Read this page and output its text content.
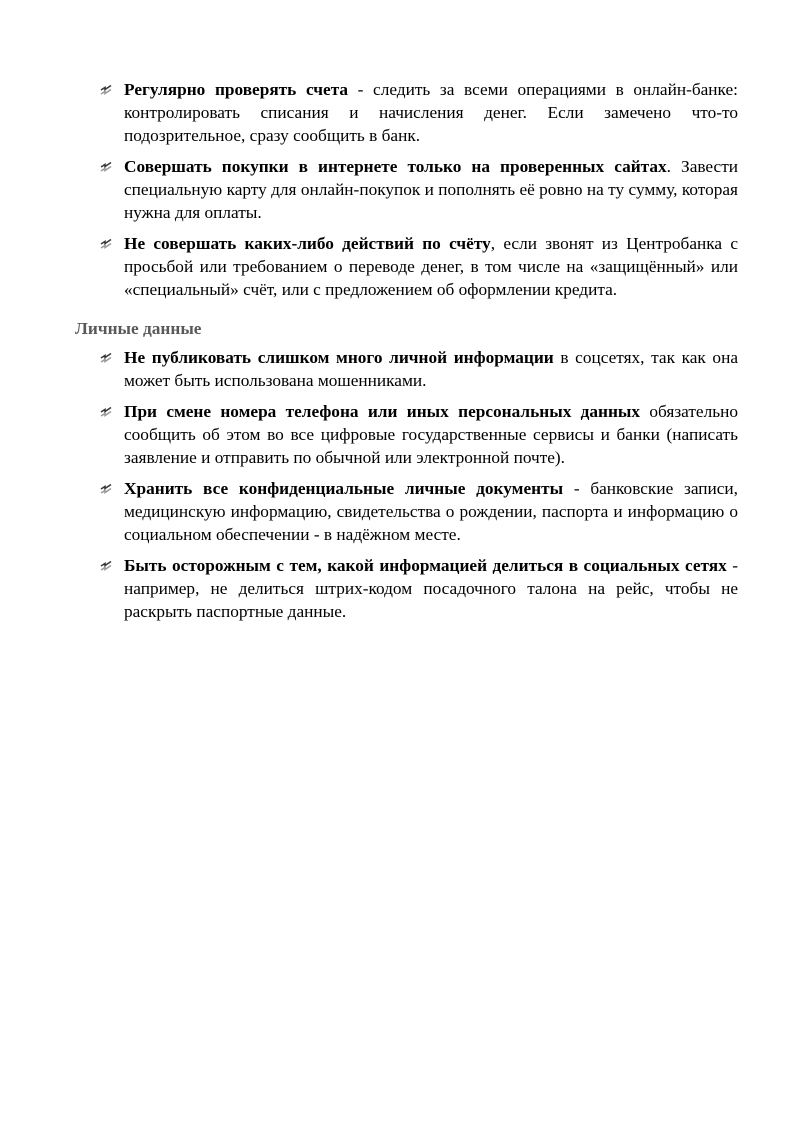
Регулярно проверять счета - следить за всеми операциями в онлайн-банке: контролировать списания и начисления денег. Если замечено что-то подозрительное, сразу сообщить в банк.
Совершать покупки в интернете только на проверенных сайтах. Завести специальную карту для онлайн-покупок и пополнять её ровно на ту сумму, которая нужна для оплаты.
Не совершать каких-либо действий по счёту, если звонят из Центробанка с просьбой или требованием о переводе денег, в том числе на «защищённый» или «специальный» счёт, или с предложением об оформлении кредита.
Личные данные
Не публиковать слишком много личной информации в соцсетях, так как она может быть использована мошенниками.
При смене номера телефона или иных персональных данных обязательно сообщить об этом во все цифровые государственные сервисы и банки (написать заявление и отправить по обычной или электронной почте).
Хранить все конфиденциальные личные документы - банковские записи, медицинскую информацию, свидетельства о рождении, паспорта и информацию о социальном обеспечении - в надёжном месте.
Быть осторожным с тем, какой информацией делиться в социальных сетях - например, не делиться штрих-кодом посадочного талона на рейс, чтобы не раскрыть паспортные данные.
